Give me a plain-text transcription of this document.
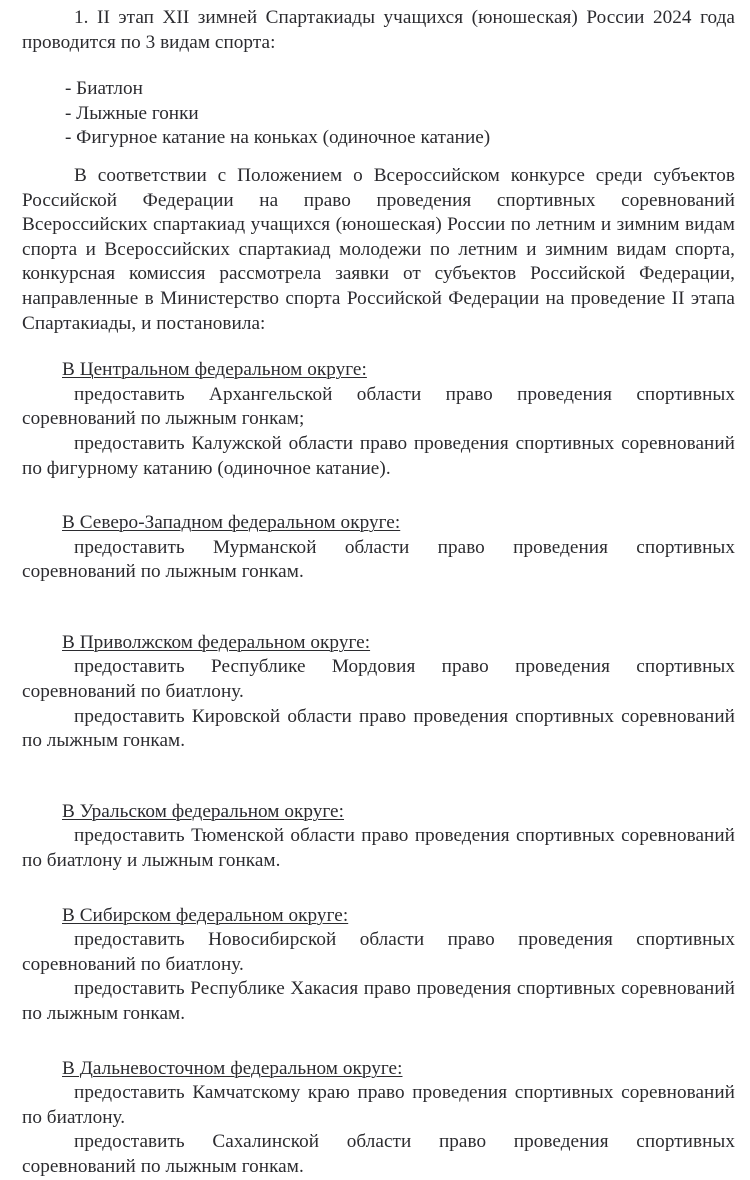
1. II этап XII зимней Спартакиады учащихся (юношеская) России 2024 года проводится по 3 видам спорта:

- Биатлон
- Лыжные гонки
- Фигурное катание на коньках (одиночное катание)

В соответствии с Положением о Всероссийском конкурсе среди субъектов Российской Федерации на право проведения спортивных соревнований Всероссийских спартакиад учащихся (юношеская) России по летним и зимним видам спорта и Всероссийских спартакиад молодежи по летним и зимним видам спорта, конкурсная комиссия рассмотрела заявки от субъектов Российской Федерации, направленные в Министерство спорта Российской Федерации на проведение II этапа Спартакиады, и постановила:

В Центральном федеральном округе:

предоставить Архангельской области право проведения спортивных соревнований по лыжным гонкам;

предоставить Калужской области право проведения спортивных соревнований по фигурному катанию (одиночное катание).

В Северо-Западном федеральном округе:

предоставить Мурманской области право проведения спортивных соревнований по лыжным гонкам.

В Приволжском федеральном округе:

предоставить Республике Мордовия право проведения спортивных соревнований по биатлону.

предоставить Кировской области право проведения спортивных соревнований по лыжным гонкам.

В Уральском федеральном округе:

предоставить Тюменской области право проведения спортивных соревнований по биатлону и лыжным гонкам.

В Сибирском федеральном округе:

предоставить Новосибирской области право проведения спортивных соревнований по биатлону.

предоставить Республике Хакасия право проведения спортивных соревнований по лыжным гонкам.

В Дальневосточном федеральном округе:

предоставить Камчатскому краю право проведения спортивных соревнований по биатлону.

предоставить Сахалинской области право проведения спортивных соревнований по лыжным гонкам.
